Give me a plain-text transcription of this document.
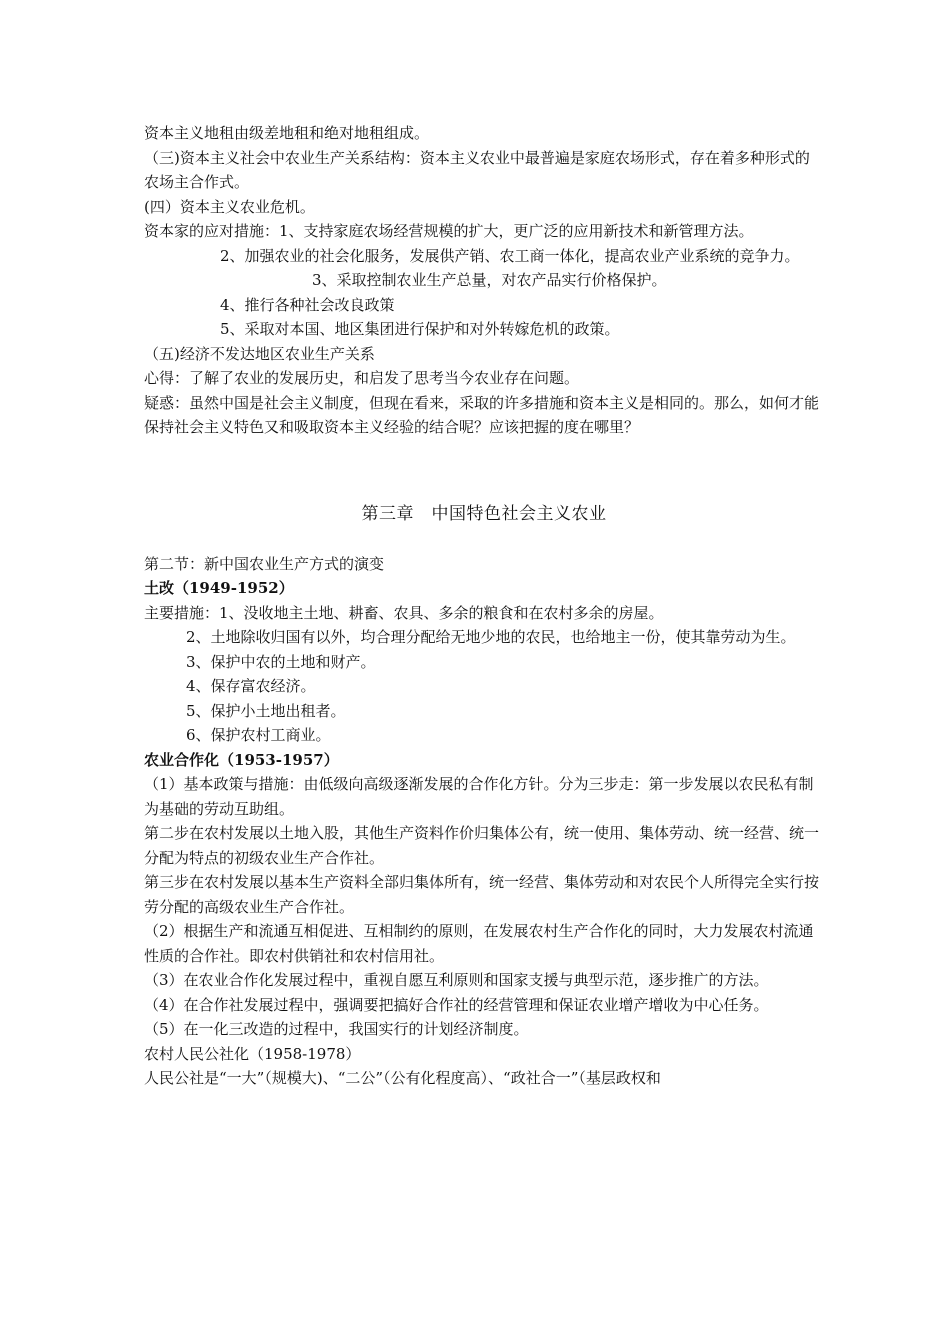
资本主义地租由级差地租和绝对地租组成。

（三)资本主义社会中农业生产关系结构：资本主义农业中最普遍是家庭农场形式，存在着多种形式的农场主合作式。

(四）资本主义农业危机。

资本家的应对措施：1、支持家庭农场经营规模的扩大，更广泛的应用新技术和新管理方法。

2、加强农业的社会化服务，发展供产销、农工商一体化，提高农业产业系统的竞争力。

3、采取控制农业生产总量，对农产品实行价格保护。

4、推行各种社会改良政策

5、采取对本国、地区集团进行保护和对外转嫁危机的政策。

（五)经济不发达地区农业生产关系

心得：了解了农业的发展历史，和启发了思考当今农业存在问题。

疑惑：虽然中国是社会主义制度，但现在看来，采取的许多措施和资本主义是相同的。那么，如何才能保持社会主义特色又和吸取资本主义经验的结合呢？应该把握的度在哪里？

第三章　中国特色社会主义农业

第二节：新中国农业生产方式的演变

土改（1949-1952）

主要措施：1、没收地主土地、耕畜、农具、多余的粮食和在农村多余的房屋。

2、土地除收归国有以外，均合理分配给无地少地的农民，也给地主一份，使其靠劳动为生。

3、保护中农的土地和财产。

4、保存富农经济。

5、保护小土地出租者。

6、保护农村工商业。

农业合作化（1953-1957）

（1）基本政策与措施：由低级向高级逐渐发展的合作化方针。分为三步走：第一步发展以农民私有制为基础的劳动互助组。

第二步在农村发展以土地入股，其他生产资料作价归集体公有，统一使用、集体劳动、统一经营、统一分配为特点的初级农业生产合作社。

第三步在农村发展以基本生产资料全部归集体所有，统一经营、集体劳动和对农民个人所得完全实行按劳分配的高级农业生产合作社。

（2）根据生产和流通互相促进、互相制约的原则，在发展农村生产合作化的同时，大力发展农村流通性质的合作社。即农村供销社和农村信用社。

（3）在农业合作化发展过程中，重视自愿互利原则和国家支援与典型示范，逐步推广的方法。

（4）在合作社发展过程中，强调要把搞好合作社的经营管理和保证农业增产增收为中心任务。

（5）在一化三改造的过程中，我国实行的计划经济制度。

农村人民公社化（1958-1978）

人民公社是“一大”（规模大)、“二公”（公有化程度高）、“政社合一”（基层政权和
